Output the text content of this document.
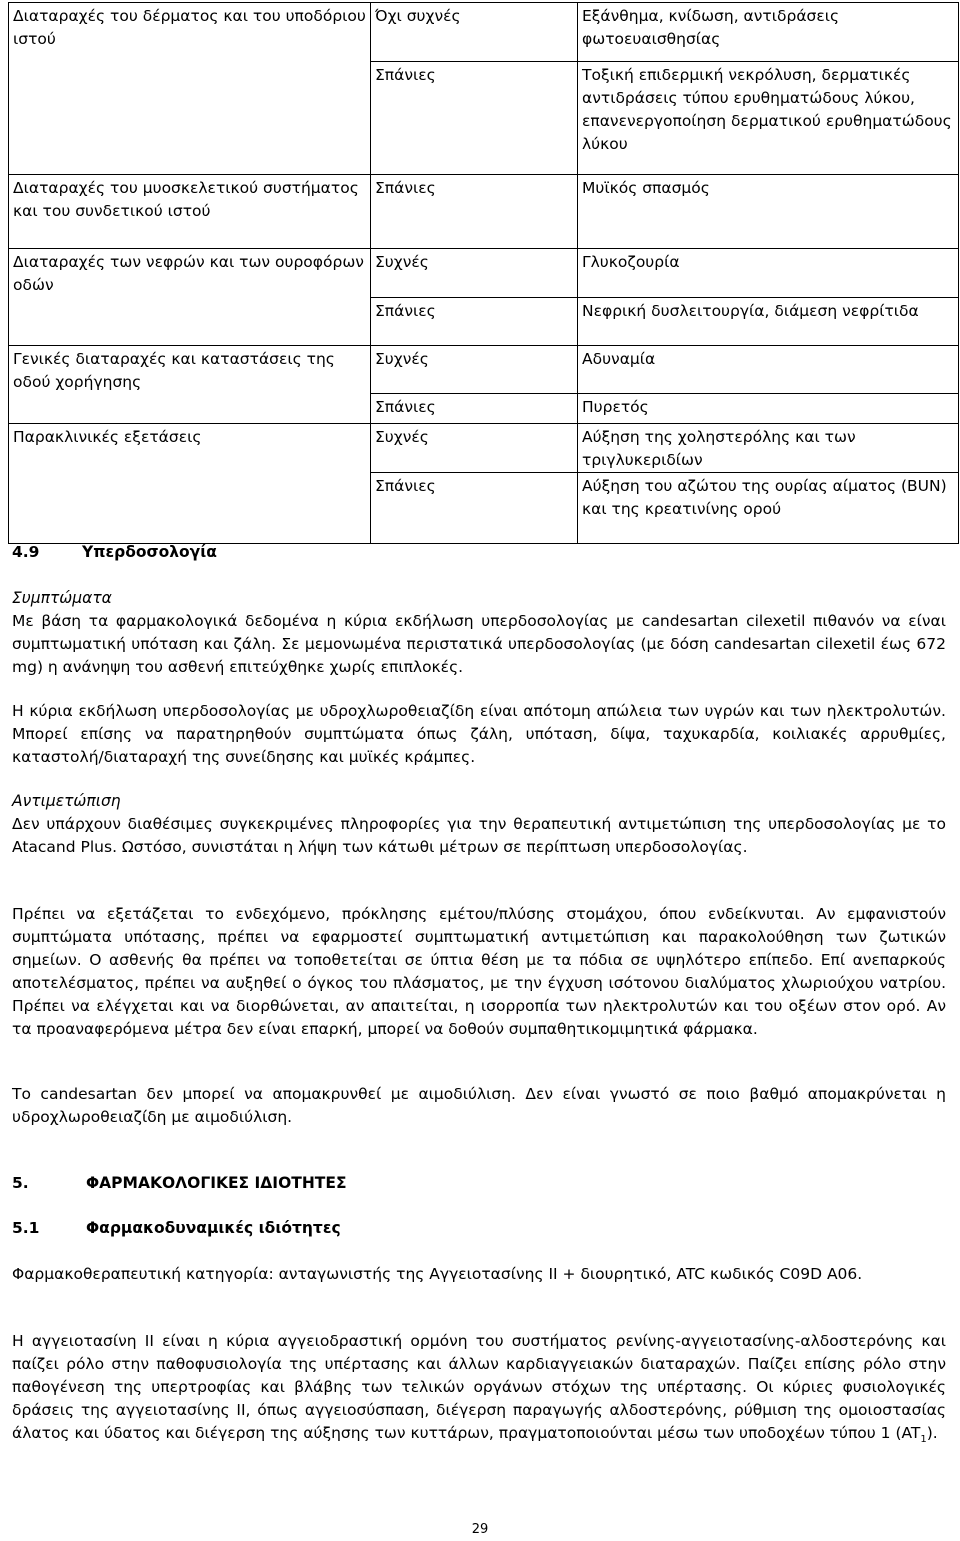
Διαταραχές του δέρματος και του υποδόριου ιστού	Όχι συχνές	Εξάνθημα, κνίδωση, αντιδράσεις φωτοευαισθησίας
	Σπάνιες	Τοξική επιδερμική νεκρόλυση, δερματικές αντιδράσεις τύπου ερυθηματώδους λύκου, επανενεργοποίηση δερματικού ερυθηματώδους λύκου
Διαταραχές του μυοσκελετικού συστήματος και του συνδετικού ιστού	Σπάνιες	Μυϊκός σπασμός
Διαταραχές των νεφρών και των ουροφόρων οδών	Συχνές	Γλυκοζουρία
	Σπάνιες	Νεφρική δυσλειτουργία, διάμεση νεφρίτιδα
Γενικές διαταραχές και καταστάσεις της οδού χορήγησης	Συχνές	Αδυναμία
	Σπάνιες	Πυρετός
Παρακλινικές εξετάσεις	Συχνές	Αύξηση της χοληστερόλης και των τριγλυκεριδίων
	Σπάνιες	Αύξηση του αζώτου της ουρίας αίματος (BUN) και της κρεατινίνης ορού
4.9	Υπερδοσολογία
Συμπτώματα

Με βάση τα φαρμακολογικά δεδομένα η κύρια εκδήλωση υπερδοσολογίας με candesartan cilexetil πιθανόν να είναι συμπτωματική υπόταση και ζάλη. Σε μεμονωμένα περιστατικά υπερδοσολογίας (με δόση candesartan cilexetil έως 672 mg) η ανάνηψη του ασθενή επιτεύχθηκε χωρίς επιπλοκές.

Η κύρια εκδήλωση υπερδοσολογίας με υδροχλωροθειαζίδη είναι απότομη απώλεια των υγρών και των ηλεκτρολυτών. Μπορεί επίσης να παρατηρηθούν συμπτώματα όπως ζάλη, υπόταση, δίψα, ταχυκαρδία, κοιλιακές αρρυθμίες, καταστολή/διαταραχή της συνείδησης και μυϊκές κράμπες.

Αντιμετώπιση

Δεν υπάρχουν διαθέσιμες συγκεκριμένες πληροφορίες για την θεραπευτική αντιμετώπιση της υπερδοσολογίας με το Atacand Plus. Ωστόσο, συνιστάται η λήψη των κάτωθι μέτρων σε περίπτωση υπερδοσολογίας.

Πρέπει να εξετάζεται το ενδεχόμενο, πρόκλησης εμέτου/πλύσης στομάχου, όπου ενδείκνυται. Αν εμφανιστούν συμπτώματα υπότασης, πρέπει να εφαρμοστεί συμπτωματική αντιμετώπιση και παρακολούθηση των ζωτικών σημείων. Ο ασθενής θα πρέπει να τοποθετείται σε ύπτια θέση με τα πόδια σε υψηλότερο επίπεδο. Επί ανεπαρκούς αποτελέσματος, πρέπει να αυξηθεί ο όγκος του πλάσματος, με την έγχυση ισότονου διαλύματος χλωριούχου νατρίου. Πρέπει να ελέγχεται και να διορθώνεται, αν απαιτείται, η ισορροπία των ηλεκτρολυτών και του οξέων στον ορό. Αν τα προαναφερόμενα μέτρα δεν είναι επαρκή, μπορεί να δοθούν συμπαθητικομιμητικά φάρμακα.

Το candesartan δεν μπορεί να απομακρυνθεί με αιμοδιύλιση. Δεν είναι γνωστό σε ποιο βαθμό απομακρύνεται η υδροχλωροθειαζίδη με αιμοδιύλιση.

5.	ΦΑΡΜΑΚΟΛΟΓΙΚΕΣ ΙΔΙΟΤΗΤΕΣ
5.1	Φαρμακοδυναμικές ιδιότητες

Φαρμακοθεραπευτική κατηγορία: ανταγωνιστής της Αγγειοτασίνης ΙΙ + διουρητικό, ATC κωδικός C09D A06.

Η αγγειοτασίνη ΙΙ είναι η κύρια αγγειοδραστική ορμόνη του συστήματος ρενίνης-αγγειοτασίνης-αλδοστερόνης και παίζει ρόλο στην παθοφυσιολογία της υπέρτασης και άλλων καρδιαγγειακών διαταραχών. Παίζει επίσης ρόλο στην παθογένεση της υπερτροφίας και βλάβης των τελικών οργάνων στόχων της υπέρτασης. Οι κύριες φυσιολογικές δράσεις της αγγειοτασίνης ΙΙ, όπως αγγειοσύσπαση, διέγερση παραγωγής αλδοστερόνης, ρύθμιση της ομοιοστασίας άλατος και ύδατος και διέγερση της αύξησης των κυττάρων, πραγματοποιούνται μέσω των υποδοχέων τύπου 1 $(AT_1)$.

29
